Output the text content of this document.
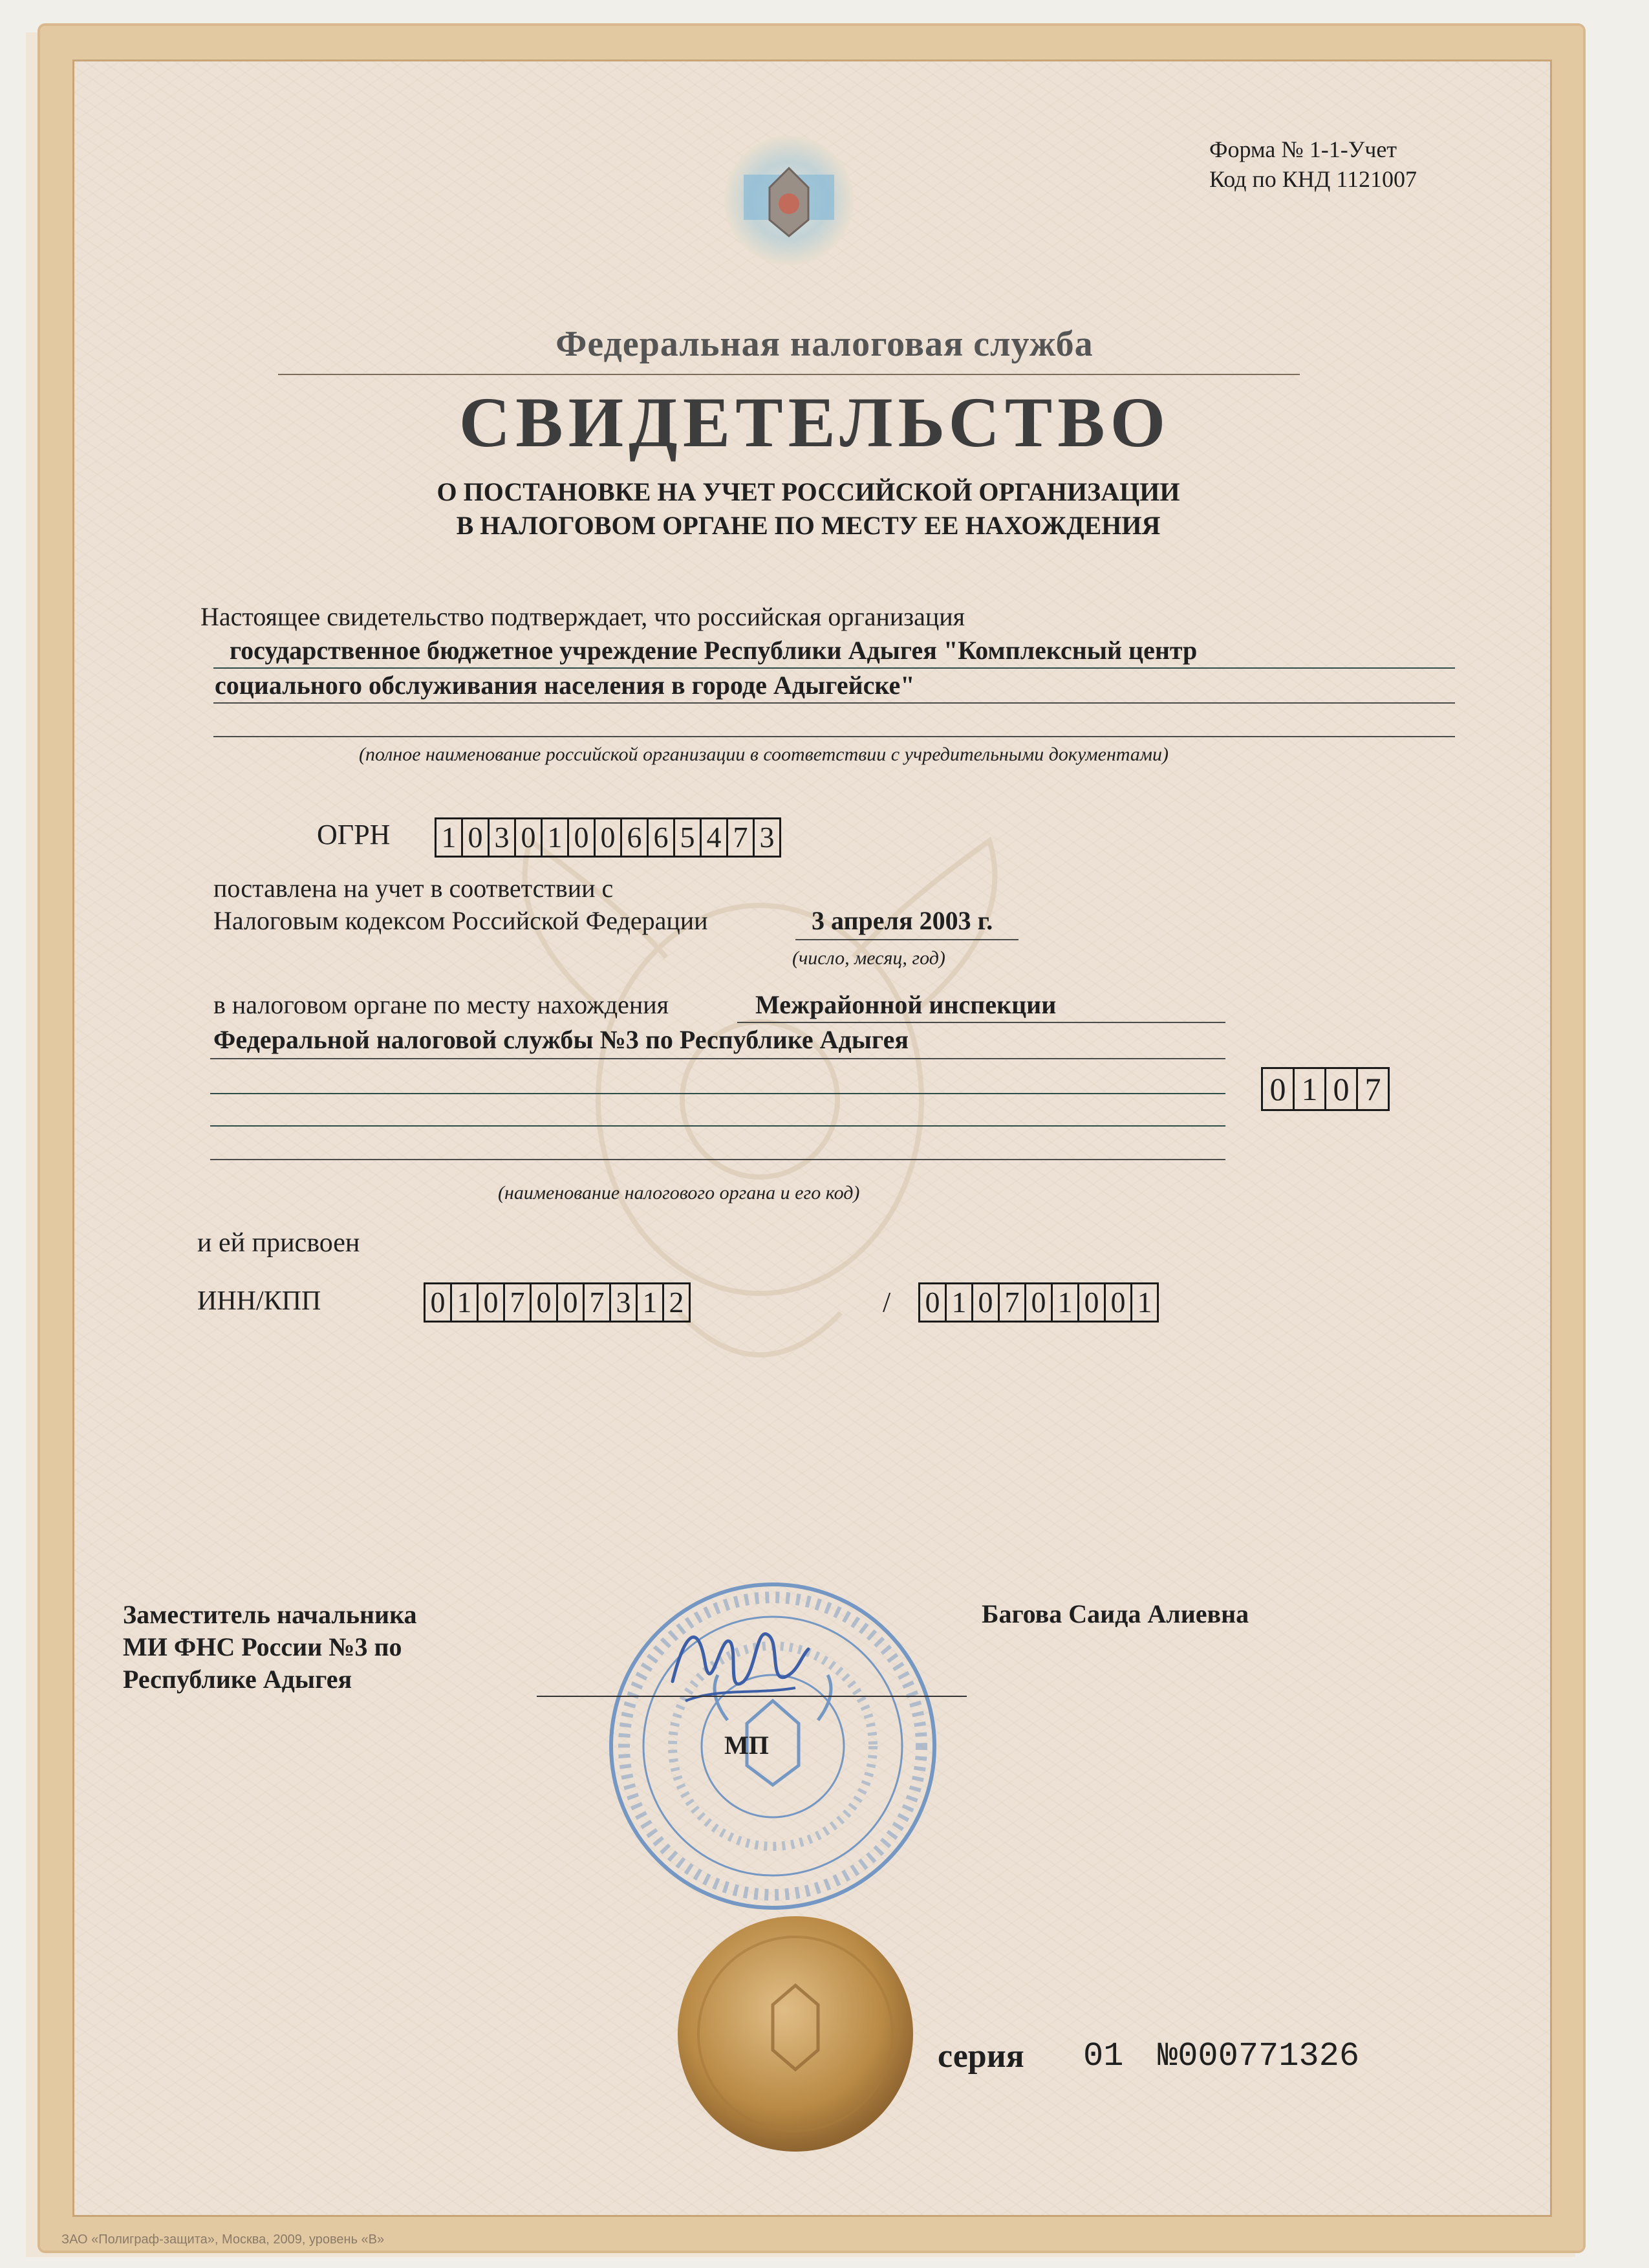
Форма № 1-1-Учет
Код по КНД 1121007
Федеральная налоговая служба
СВИДЕТЕЛЬСТВО
О ПОСТАНОВКЕ НА УЧЕТ РОССИЙСКОЙ ОРГАНИЗАЦИИ
В НАЛОГОВОМ ОРГАНЕ ПО МЕСТУ ЕЕ НАХОЖДЕНИЯ
Настоящее свидетельство подтверждает, что российская организация
государственное бюджетное учреждение Республики Адыгея "Комплексный центр
социального обслуживания населения в городе Адыгейске"
(полное наименование российской организации в соответствии с учредительными документами)
ОГРН 1 0 3 0 1 0 0 6 6 5 4 7 3
поставлена на учет в соответствии с
Налоговым кодексом Российской Федерации	3 апреля 2003 г.
(число, месяц, год)
в налоговом органе по месту нахождения	Межрайонной инспекции
Федеральной налоговой службы №3 по Республике Адыгея
0 1 0 7
(наименование налогового органа и его код)
и ей присвоен
ИНН/КПП	0 1 0 7 0 0 7 3 1 2	/ 0 1 0 7 0 1 0 0 1
Заместитель начальника
МИ ФНС России №3 по
Республике Адыгея
Багова Саида Алиевна
МП
серия 01 №000771326
ЗАО «Полиграф-защита», Москва, 2009, уровень «В»
